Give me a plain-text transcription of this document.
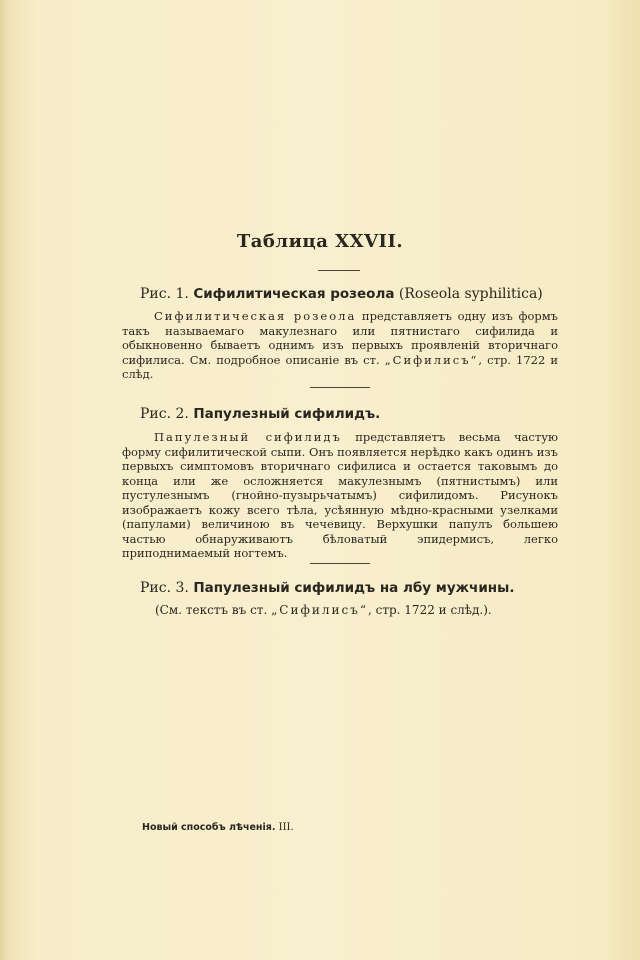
Таблица XXVII.
Рис. 1. Сифилитическая розеола (Roseola syphilitica)

Сифилитическая розеола представляетъ одну изъ формъ такъ называемаго макулезнаго или пятнистаго сифилида и обыкновенно бываетъ однимъ изъ первыхъ проявленій вторичнаго сифилиса. См. подробное описаніе въ ст. „Сифилисъ“, стр. 1722 и слѣд.

Рис. 2. Папулезный сифилидъ.

Папулезный сифилидъ представляетъ весьма частую форму сифилитической сыпи. Онъ появляется нерѣдко какъ одинъ изъ первыхъ симптомовъ вторичнаго сифилиса и остается таковымъ до конца или же осложняется макулезнымъ (пятнистымъ) или пустулезнымъ (гнойно-пузырьчатымъ) сифилидомъ. Рисунокъ изображаетъ кожу всего тѣла, усѣянную мѣдно-красными узелками (папулами) величиною въ чечевицу. Верхушки папулъ большею частью обнаруживаютъ бѣловатый эпидермисъ, легко приподнимаемый ногтемъ.

Рис. 3. Папулезный сифилидъ на лбу мужчины.
(См. текстъ въ ст. „Сифилисъ“, стр. 1722 и слѣд.).
Новый способъ лѣченія. III.
